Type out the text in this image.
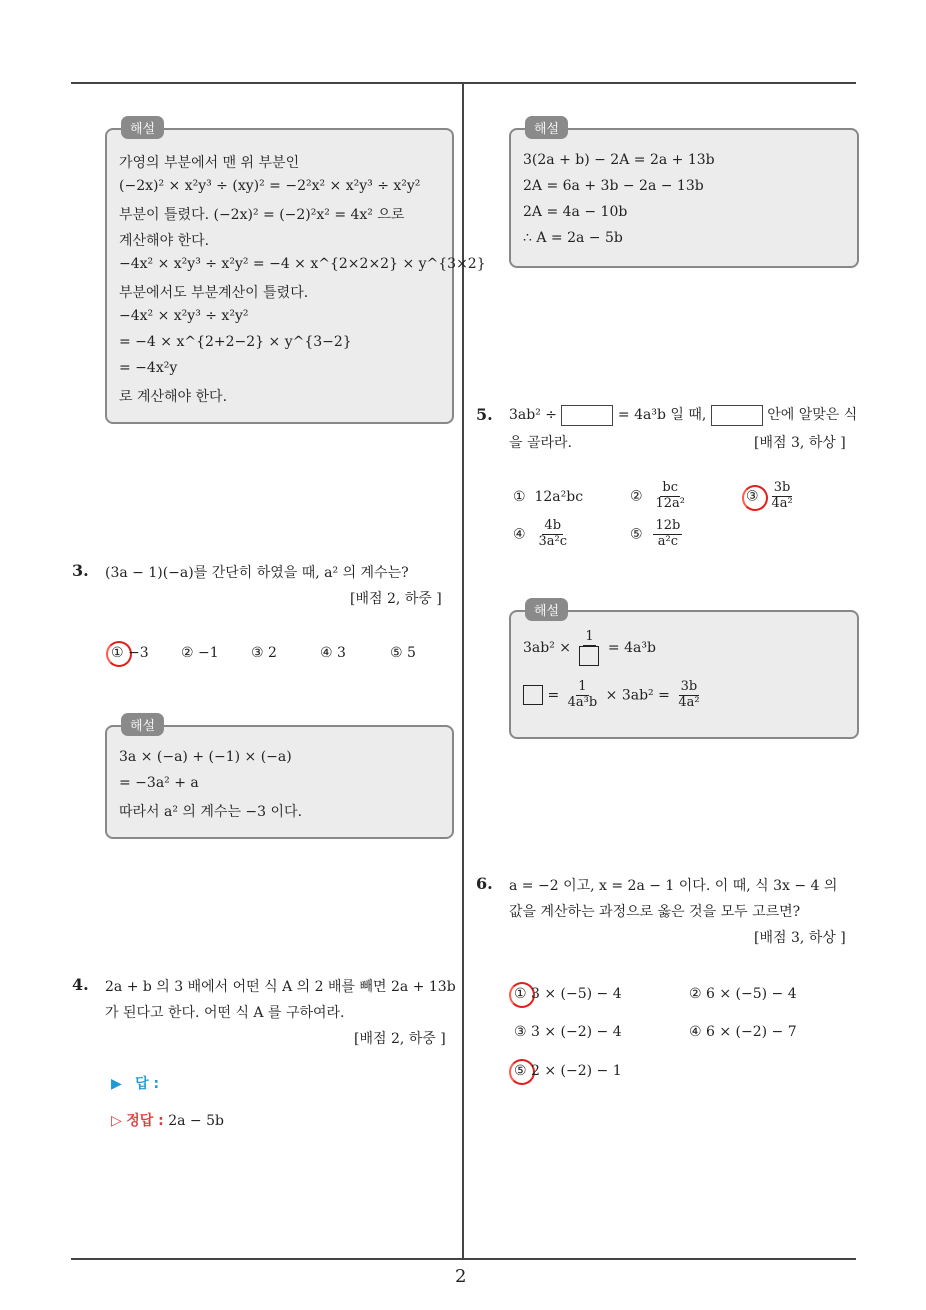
해설
가영의 부분에서 맨 위 부분인
(−2x)² × x²y³ ÷ (xy)² = −2²x² × x²y³ ÷ x²y²
부분이 틀렸다. (−2x)² = (−2)²x² = 4x² 으로
계산해야 한다.
−4x² × x²y³ ÷ x²y² = −4 × x^{2×2×2} × y^{3×2}
부분에서도 부분계산이 틀렸다.
−4x² × x²y³ ÷ x²y²
= −4 × x^{2+2−2} × y^{3−2}
= −4x²y
로 계산해야 한다.
3. (3a − 1)(−a)를 간단히 하였을 때, a² 의 계수는?
[배점 2, 하중 ]
① −3 ② −1 ③ 2	④ 3	⑤ 5
해설
3a × (−a) + (−1) × (−a)
= −3a² + a
따라서 a² 의 계수는 −3 이다.
4. 2a + b 의 3 배에서 어떤 식 A 의 2 배를 빼면 2a + 13b
가 된다고 한다. 어떤 식 A 를 구하여라.
[배점 2, 하중 ]
▶ 답 :
▷ 정답 : 2a − 5b
해설
3(2a + b) − 2A = 2a + 13b
2A = 6a + 3b − 2a − 13b
2A = 4a − 10b
∴ A = 2a − 5b
5. 3ab² ÷	= 4a³b 일 때,	안에 알맞은 식
을 골라라.	[배점 3, 하상 ]
① 12a²bc	② $\frac{bc}{\text{12a²}}$	③ $\frac{3b}{\text{4a²}}$
④ $\frac{4b}{\text{3a²c}}$	⑤ $\frac{12b}{\text{a²c}}$
해설
3ab² ×
1
= 4a³b
= $\frac{1}{\text{4a³b}} \times 3ab^2 = \frac{3b}{\text{4a²}}$
6. a = −2 이고, x = 2a − 1 이다. 이 때, 식 3x − 4 의
값을 계산하는 과정으로 옳은 것을 모두 고르면?
[배점 3, 하상 ]
① 3 × (−5) − 4	② 6 × (−5) − 4
③ 3 × (−2) − 4	④ 6 × (−2) − 7
⑤ 2 × (−2) − 1
2
